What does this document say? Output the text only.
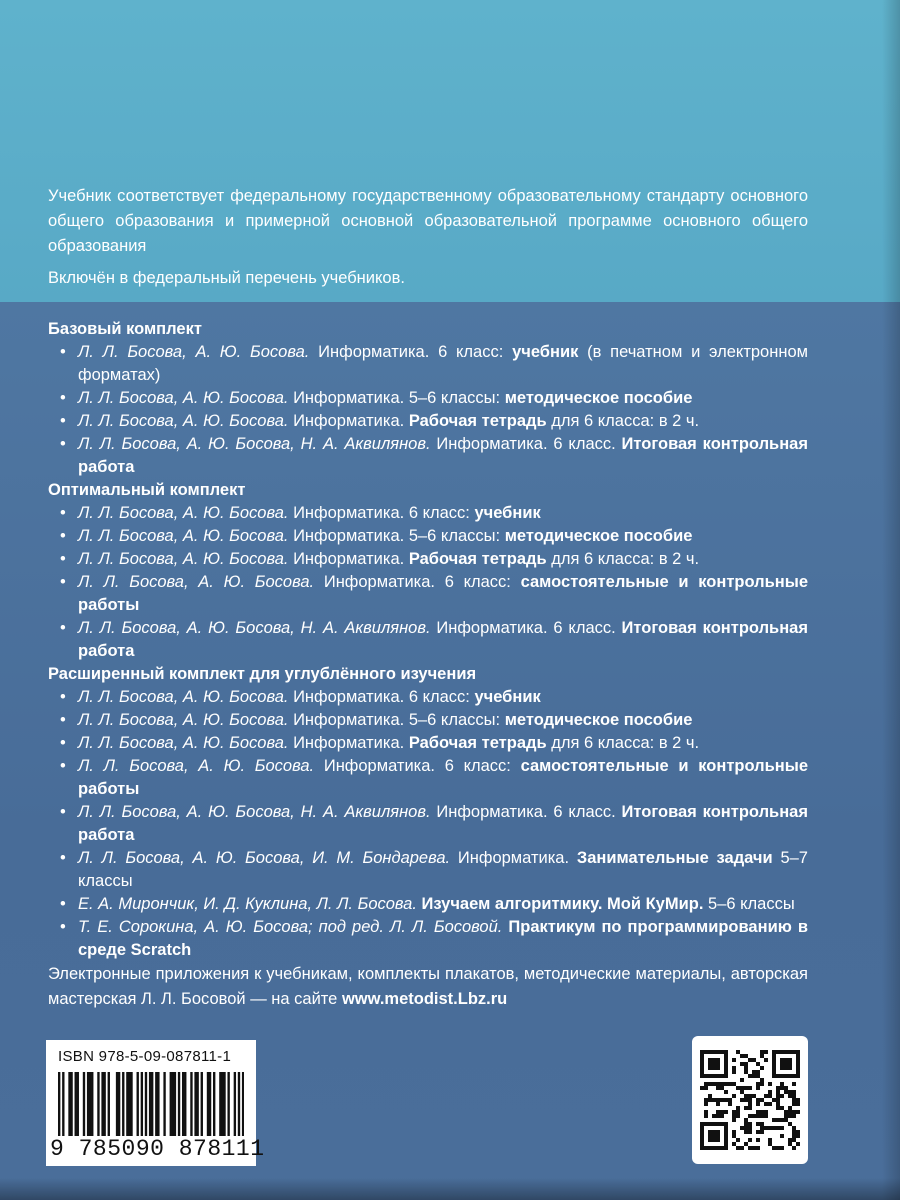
Учебник соответствует федеральному государственному образовательному стандарту основного общего образования и примерной основной образовательной программе основного общего образования
Включён в федеральный перечень учебников.
Базовый комплект
• Л. Л. Босова, А. Ю. Босова. Информатика. 6 класс: учебник (в печатном и электронном форматах)
• Л. Л. Босова, А. Ю. Босова. Информатика. 5–6 классы: методическое пособие
• Л. Л. Босова, А. Ю. Босова. Информатика. Рабочая тетрадь для 6 класса: в 2 ч.
• Л. Л. Босова, А. Ю. Босова, Н. А. Аквилянов. Информатика. 6 класс. Итоговая контрольная работа
Оптимальный комплект
• Л. Л. Босова, А. Ю. Босова. Информатика. 6 класс: учебник
• Л. Л. Босова, А. Ю. Босова. Информатика. 5–6 классы: методическое пособие
• Л. Л. Босова, А. Ю. Босова. Информатика. Рабочая тетрадь для 6 класса: в 2 ч.
• Л. Л. Босова, А. Ю. Босова. Информатика. 6 класс: самостоятельные и контрольные работы
• Л. Л. Босова, А. Ю. Босова, Н. А. Аквилянов. Информатика. 6 класс. Итоговая контрольная работа
Расширенный комплект для углублённого изучения
• Л. Л. Босова, А. Ю. Босова. Информатика. 6 класс: учебник
• Л. Л. Босова, А. Ю. Босова. Информатика. 5–6 классы: методическое пособие
• Л. Л. Босова, А. Ю. Босова. Информатика. Рабочая тетрадь для 6 класса: в 2 ч.
• Л. Л. Босова, А. Ю. Босова. Информатика. 6 класс: самостоятельные и контрольные работы
• Л. Л. Босова, А. Ю. Босова, Н. А. Аквилянов. Информатика. 6 класс. Итоговая контрольная работа
• Л. Л. Босова, А. Ю. Босова, И. М. Бондарева. Информатика. Занимательные задачи 5–7 классы
• Е. А. Мирончик, И. Д. Куклина, Л. Л. Босова. Изучаем алгоритмику. Мой КуМир. 5–6 классы
• Т. Е. Сорокина, А. Ю. Босова; под ред. Л. Л. Босовой. Практикум по программированию в среде Scratch
Электронные приложения к учебникам, комплекты плакатов, методические материалы, авторская мастерская Л. Л. Босовой — на сайте www.metodist.Lbz.ru
ISBN 978-5-09-087811-1
9 785090 878111
